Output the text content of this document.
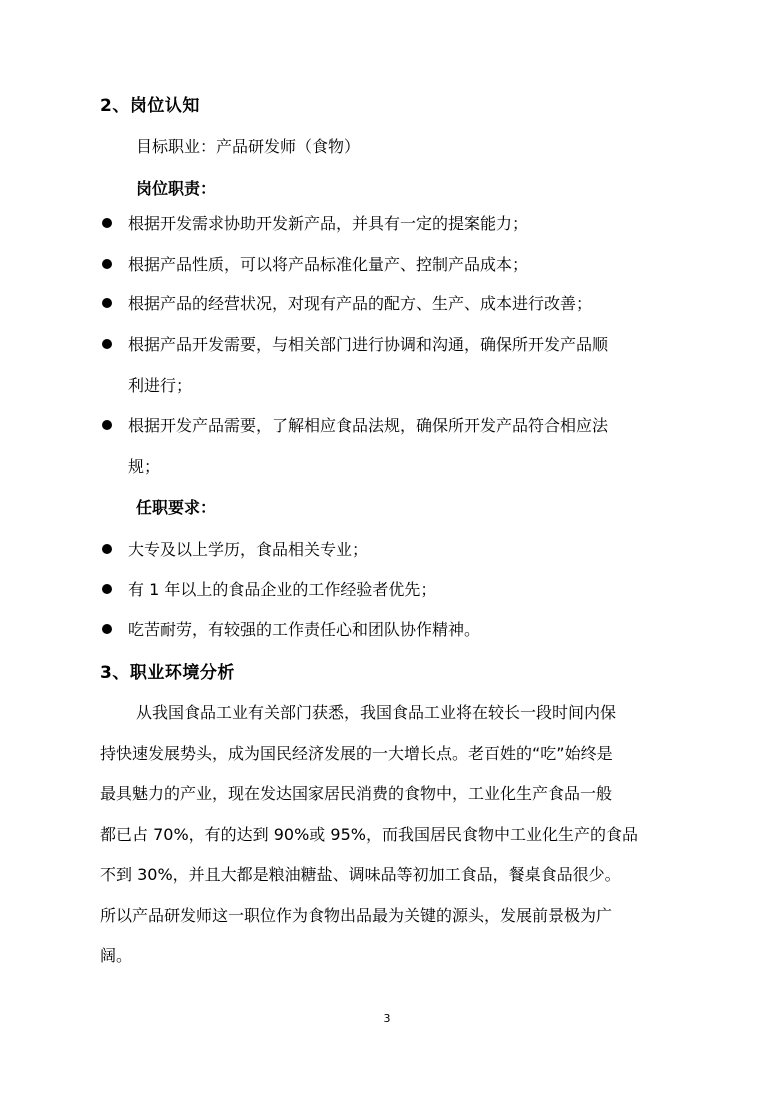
2、岗位认知
目标职业：产品研发师（食物）
岗位职责：
根据开发需求协助开发新产品，并具有一定的提案能力；
根据产品性质，可以将产品标准化量产、控制产品成本；
根据产品的经营状况，对现有产品的配方、生产、成本进行改善；
根据产品开发需要，与相关部门进行协调和沟通，确保所开发产品顺
利进行；
根据开发产品需要，了解相应食品法规，确保所开发产品符合相应法
规；
任职要求：
大专及以上学历，食品相关专业；
有 1 年以上的食品企业的工作经验者优先；
吃苦耐劳，有较强的工作责任心和团队协作精神。
3、职业环境分析
从我国食品工业有关部门获悉，我国食品工业将在较长一段时间内保
持快速发展势头，成为国民经济发展的一大增长点。老百姓的“吃”始终是
最具魅力的产业，现在发达国家居民消费的食物中，工业化生产食品一般
都已占 70%，有的达到 90%或 95%，而我国居民食物中工业化生产的食品
不到 30%，并且大都是粮油糖盐、调味品等初加工食品，餐桌食品很少。
所以产品研发师这一职位作为食物出品最为关键的源头，发展前景极为广
阔。
3
